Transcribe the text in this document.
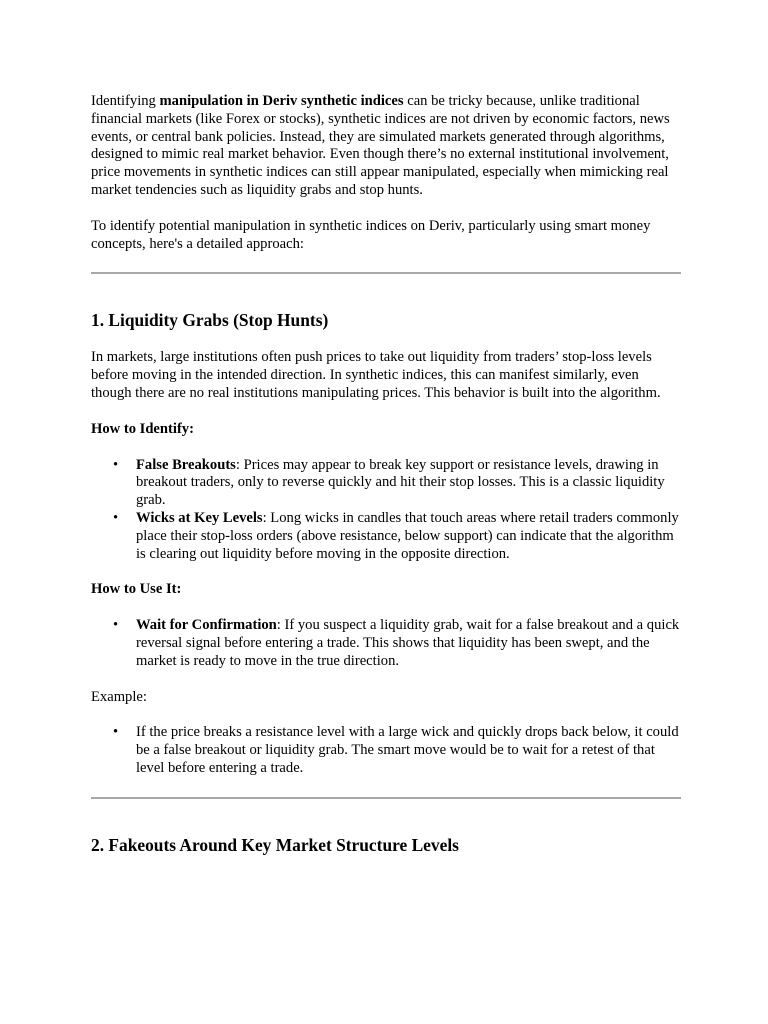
Identifying manipulation in Deriv synthetic indices can be tricky because, unlike traditional financial markets (like Forex or stocks), synthetic indices are not driven by economic factors, news events, or central bank policies. Instead, they are simulated markets generated through algorithms, designed to mimic real market behavior. Even though there’s no external institutional involvement, price movements in synthetic indices can still appear manipulated, especially when mimicking real market tendencies such as liquidity grabs and stop hunts.

To identify potential manipulation in synthetic indices on Deriv, particularly using smart money concepts, here's a detailed approach:

1. Liquidity Grabs (Stop Hunts)

In markets, large institutions often push prices to take out liquidity from traders’ stop-loss levels before moving in the intended direction. In synthetic indices, this can manifest similarly, even though there are no real institutions manipulating prices. This behavior is built into the algorithm.

How to Identify:

• False Breakouts: Prices may appear to break key support or resistance levels, drawing in breakout traders, only to reverse quickly and hit their stop losses. This is a classic liquidity grab.
• Wicks at Key Levels: Long wicks in candles that touch areas where retail traders commonly place their stop-loss orders (above resistance, below support) can indicate that the algorithm is clearing out liquidity before moving in the opposite direction.

How to Use It:

• Wait for Confirmation: If you suspect a liquidity grab, wait for a false breakout and a quick reversal signal before entering a trade. This shows that liquidity has been swept, and the market is ready to move in the true direction.

Example:

• If the price breaks a resistance level with a large wick and quickly drops back below, it could be a false breakout or liquidity grab. The smart move would be to wait for a retest of that level before entering a trade.
2. Fakeouts Around Key Market Structure Levels
